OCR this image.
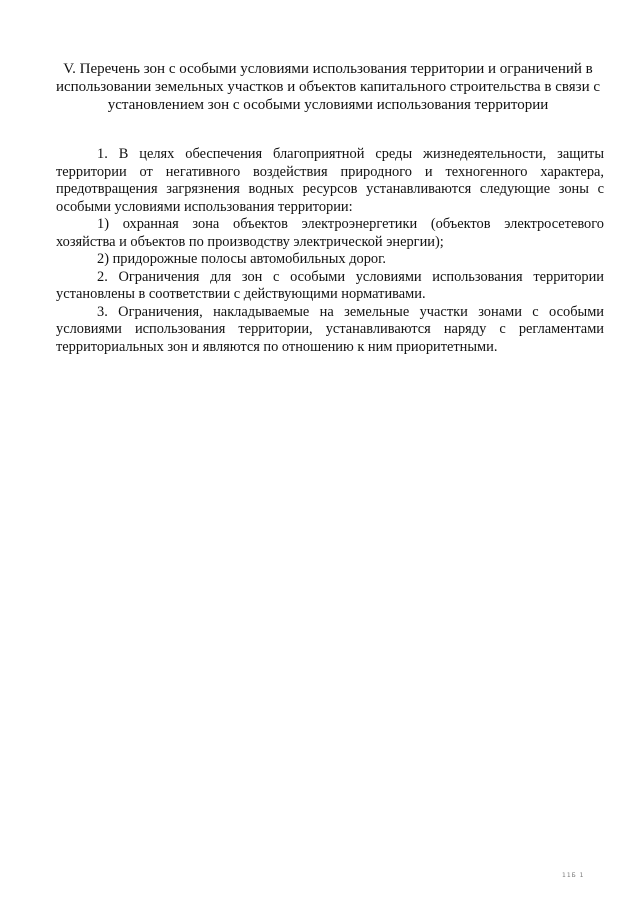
V. Перечень зон с особыми условиями использования территории и ограничений в использовании земельных участков и объектов капитального строительства в связи с установлением зон с особыми условиями использования территории

1. В целях обеспечения благоприятной среды жизнедеятельности, защиты территории от негативного воздействия природного и техногенного характера, предотвращения загрязнения водных ресурсов устанавливаются следующие зоны с особыми условиями использования территории:

1) охранная зона объектов электроэнергетики (объектов электросетевого хозяйства и объектов по производству электрической энергии);

2) придорожные полосы автомобильных дорог.

2. Ограничения для зон с особыми условиями использования территории установлены в соответствии с действующими нормативами.

3. Ограничения, накладываемые на земельные участки зонами с особыми условиями использования территории, устанавливаются наряду с регламентами территориальных зон и являются по отношению к ним приоритетными.

11Б 1
